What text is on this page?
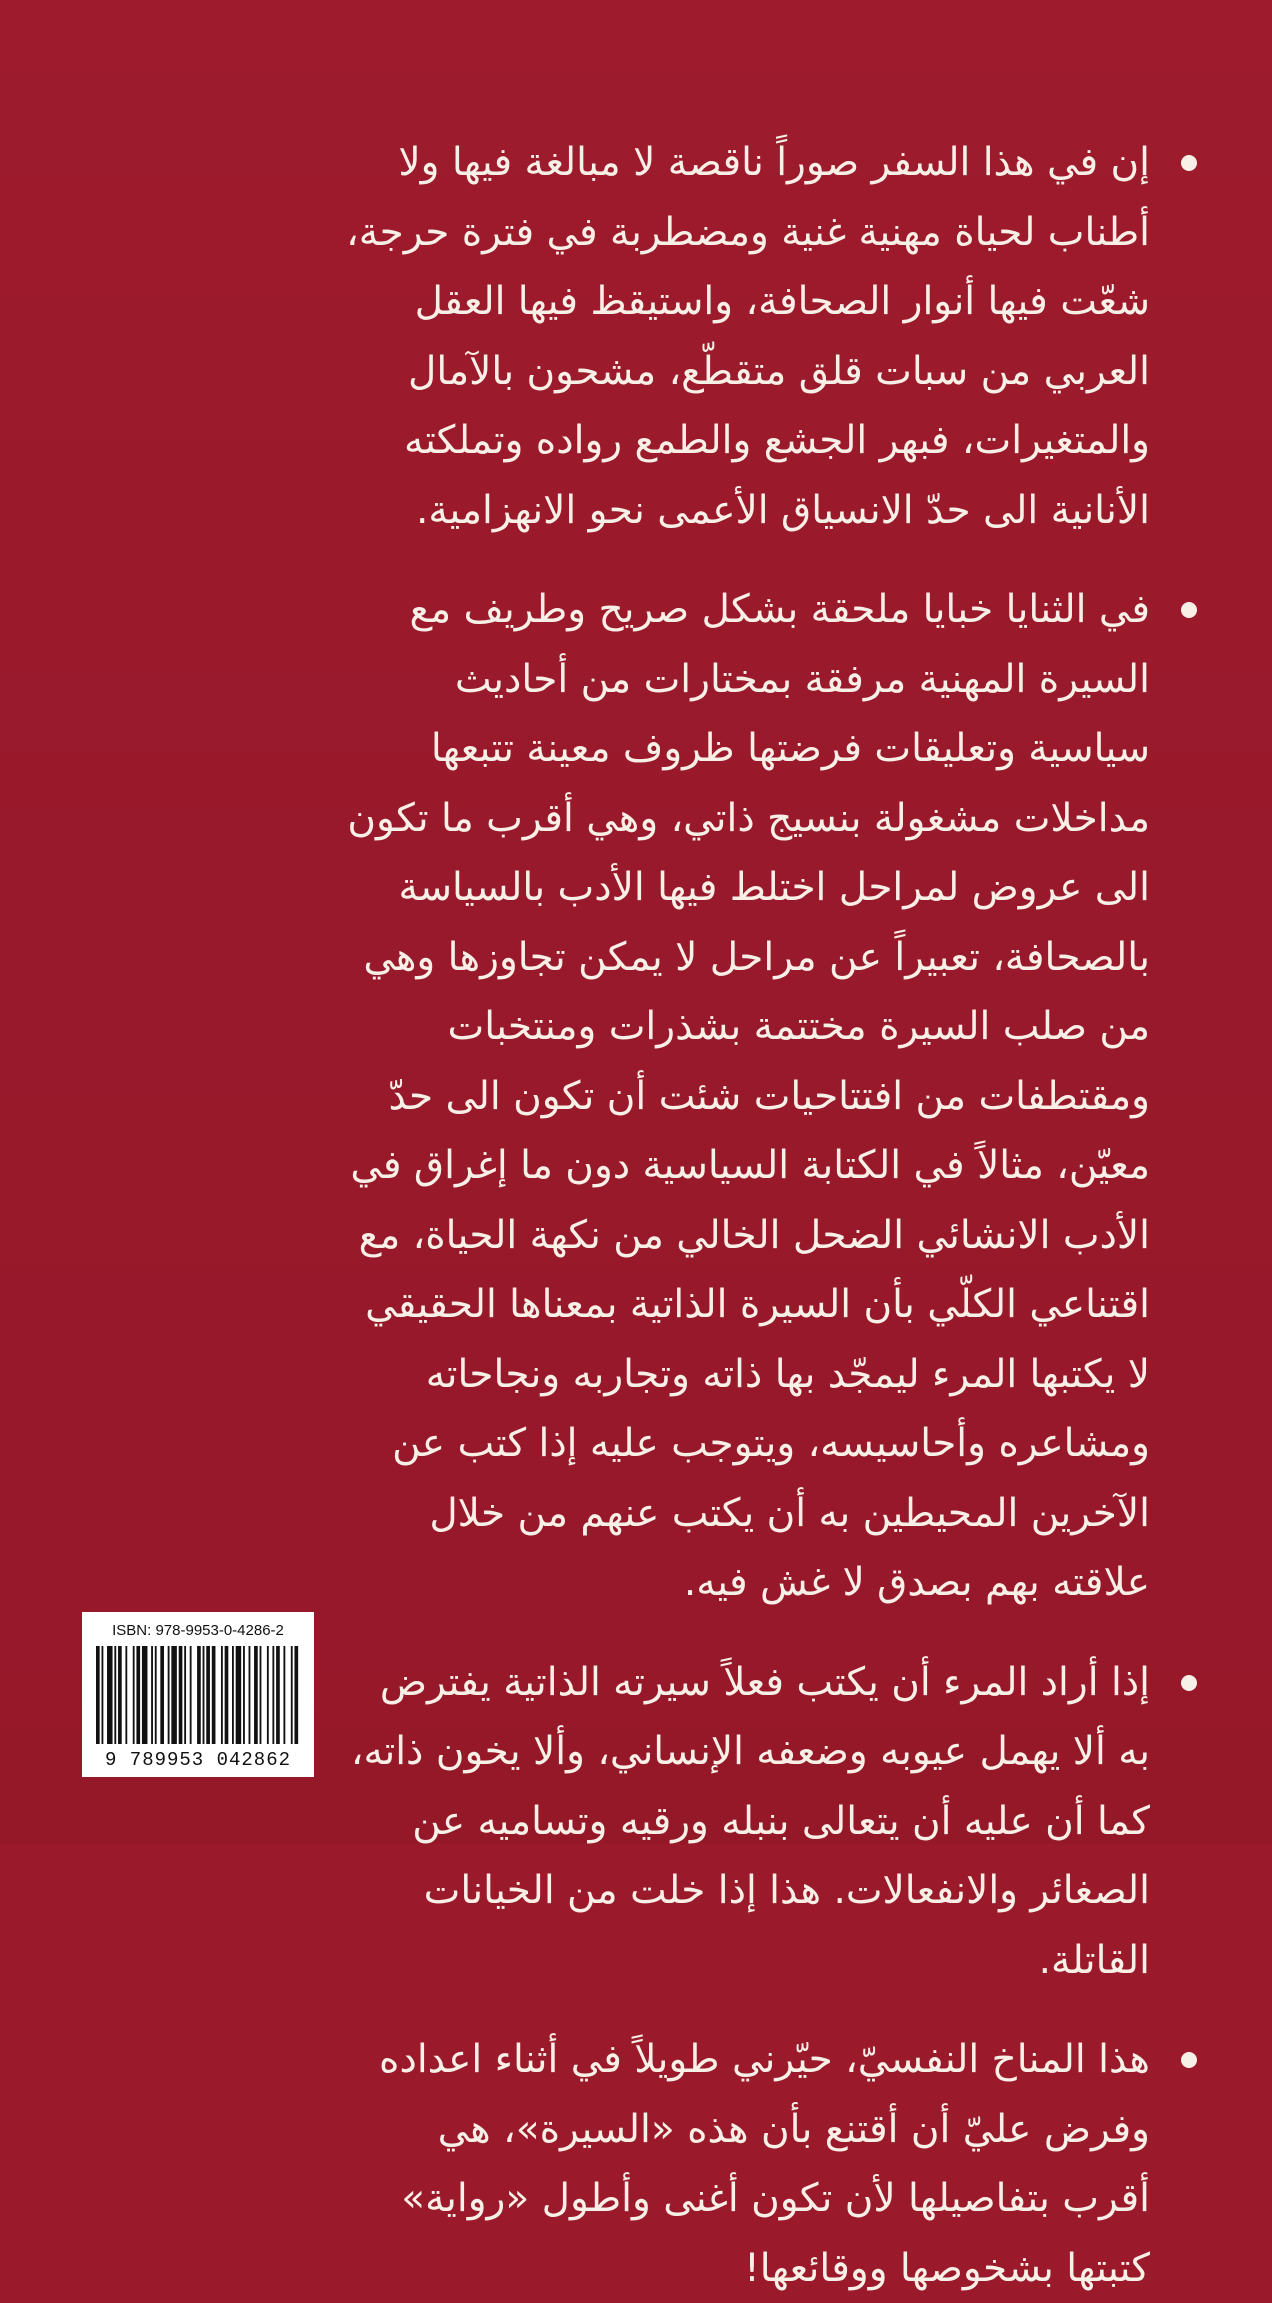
إن في هذا السفر صوراً ناقصة لا مبالغة فيها ولا أطناب لحياة مهنية غنية ومضطربة في فترة حرجة، شعّت فيها أنوار الصحافة، واستيقظ فيها العقل العربي من سبات قلق متقطّع، مشحون بالآمال والمتغيرات، فبهر الجشع والطمع رواده وتملكته الأنانية الى حدّ الانسياق الأعمى نحو الانهزامية.

في الثنايا خبايا ملحقة بشكل صريح وطريف مع السيرة المهنية مرفقة بمختارات من أحاديث سياسية وتعليقات فرضتها ظروف معينة تتبعها مداخلات مشغولة بنسيج ذاتي، وهي أقرب ما تكون الى عروض لمراحل اختلط فيها الأدب بالسياسة بالصحافة، تعبيراً عن مراحل لا يمكن تجاوزها وهي من صلب السيرة مختتمة بشذرات ومنتخبات ومقتطفات من افتتاحيات شئت أن تكون الى حدّ معيّن، مثالاً في الكتابة السياسية دون ما إغراق في الأدب الانشائي الضحل الخالي من نكهة الحياة، مع اقتناعي الكلّي بأن السيرة الذاتية بمعناها الحقيقي لا يكتبها المرء ليمجّد بها ذاته وتجاربه ونجاحاته ومشاعره وأحاسيسه، ويتوجب عليه إذا كتب عن الآخرين المحيطين به أن يكتب عنهم من خلال علاقته بهم بصدق لا غش فيه.

إذا أراد المرء أن يكتب فعلاً سيرته الذاتية يفترض به ألا يهمل عيوبه وضعفه الإنساني، وألا يخون ذاته، كما أن عليه أن يتعالى بنبله ورقيه وتساميه عن الصغائر والانفعالات. هذا إذا خلت من الخيانات القاتلة.

هذا المناخ النفسيّ، حيّرني طويلاً في أثناء اعداده وفرض عليّ أن أقتنع بأن هذه «السيرة»، هي أقرب بتفاصيلها لأن تكون أغنى وأطول «رواية» كتبتها بشخوصها ووقائعها!

ISBN: 978-9953-0-4286-2
9 789953 042862
